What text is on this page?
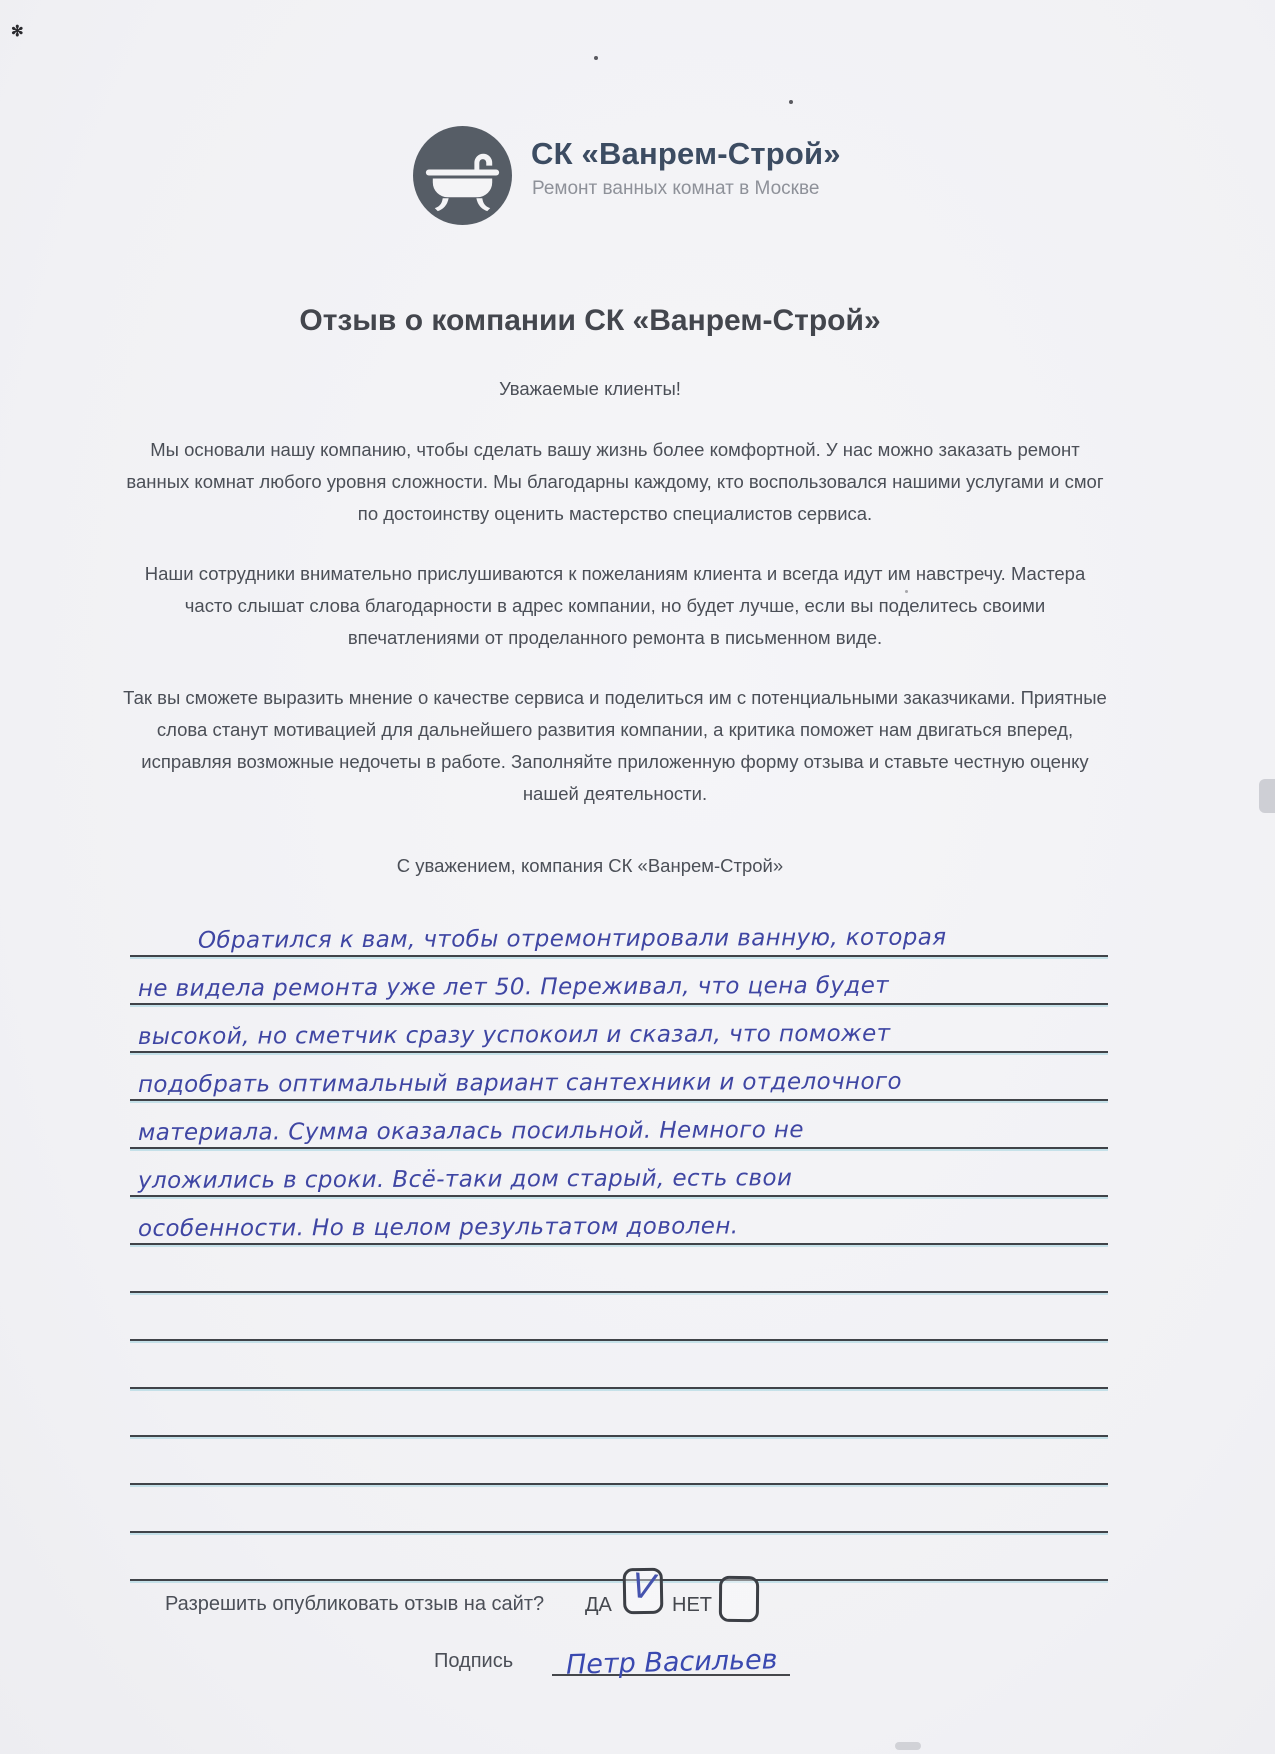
✻
СК «Ванрем-Строй»
Ремонт ванных комнат в Москве
Отзыв о компании СК «Ванрем-Строй»
Уважаемые клиенты!

Мы основали нашу компанию, чтобы сделать вашу жизнь более комфортной. У нас можно заказать ремонт ванных комнат любого уровня сложности. Мы благодарны каждому, кто воспользовался нашими услугами и смог по достоинству оценить мастерство специалистов сервиса.

Наши сотрудники внимательно прислушиваются к пожеланиям клиента и всегда идут им навстречу. Мастера часто слышат слова благодарности в адрес компании, но будет лучше, если вы поделитесь своими впечатлениями от проделанного ремонта в письменном виде.

Так вы сможете выразить мнение о качестве сервиса и поделиться им с потенциальными заказчиками. Приятные слова станут мотивацией для дальнейшего развития компании, а критика поможет нам двигаться вперед, исправляя возможные недочеты в работе. Заполняйте приложенную форму отзыва и ставьте честную оценку нашей деятельности.

С уважением, компания СК «Ванрем-Строй»
Обратился к вам, чтобы отремонтировали ванную, которая
не видела ремонта уже лет 50. Переживал, что цена будет
высокой, но сметчик сразу успокоил и сказал, что поможет
подобрать оптимальный вариант сантехники и отделочного
материала. Сумма оказалась посильной. Немного не
уложились в сроки. Всё-таки дом старый, есть свои
особенности. Но в целом результатом доволен.
Разрешить опубликовать отзыв на сайт? ДА V НЕТ
Подпись Петр Васильев
